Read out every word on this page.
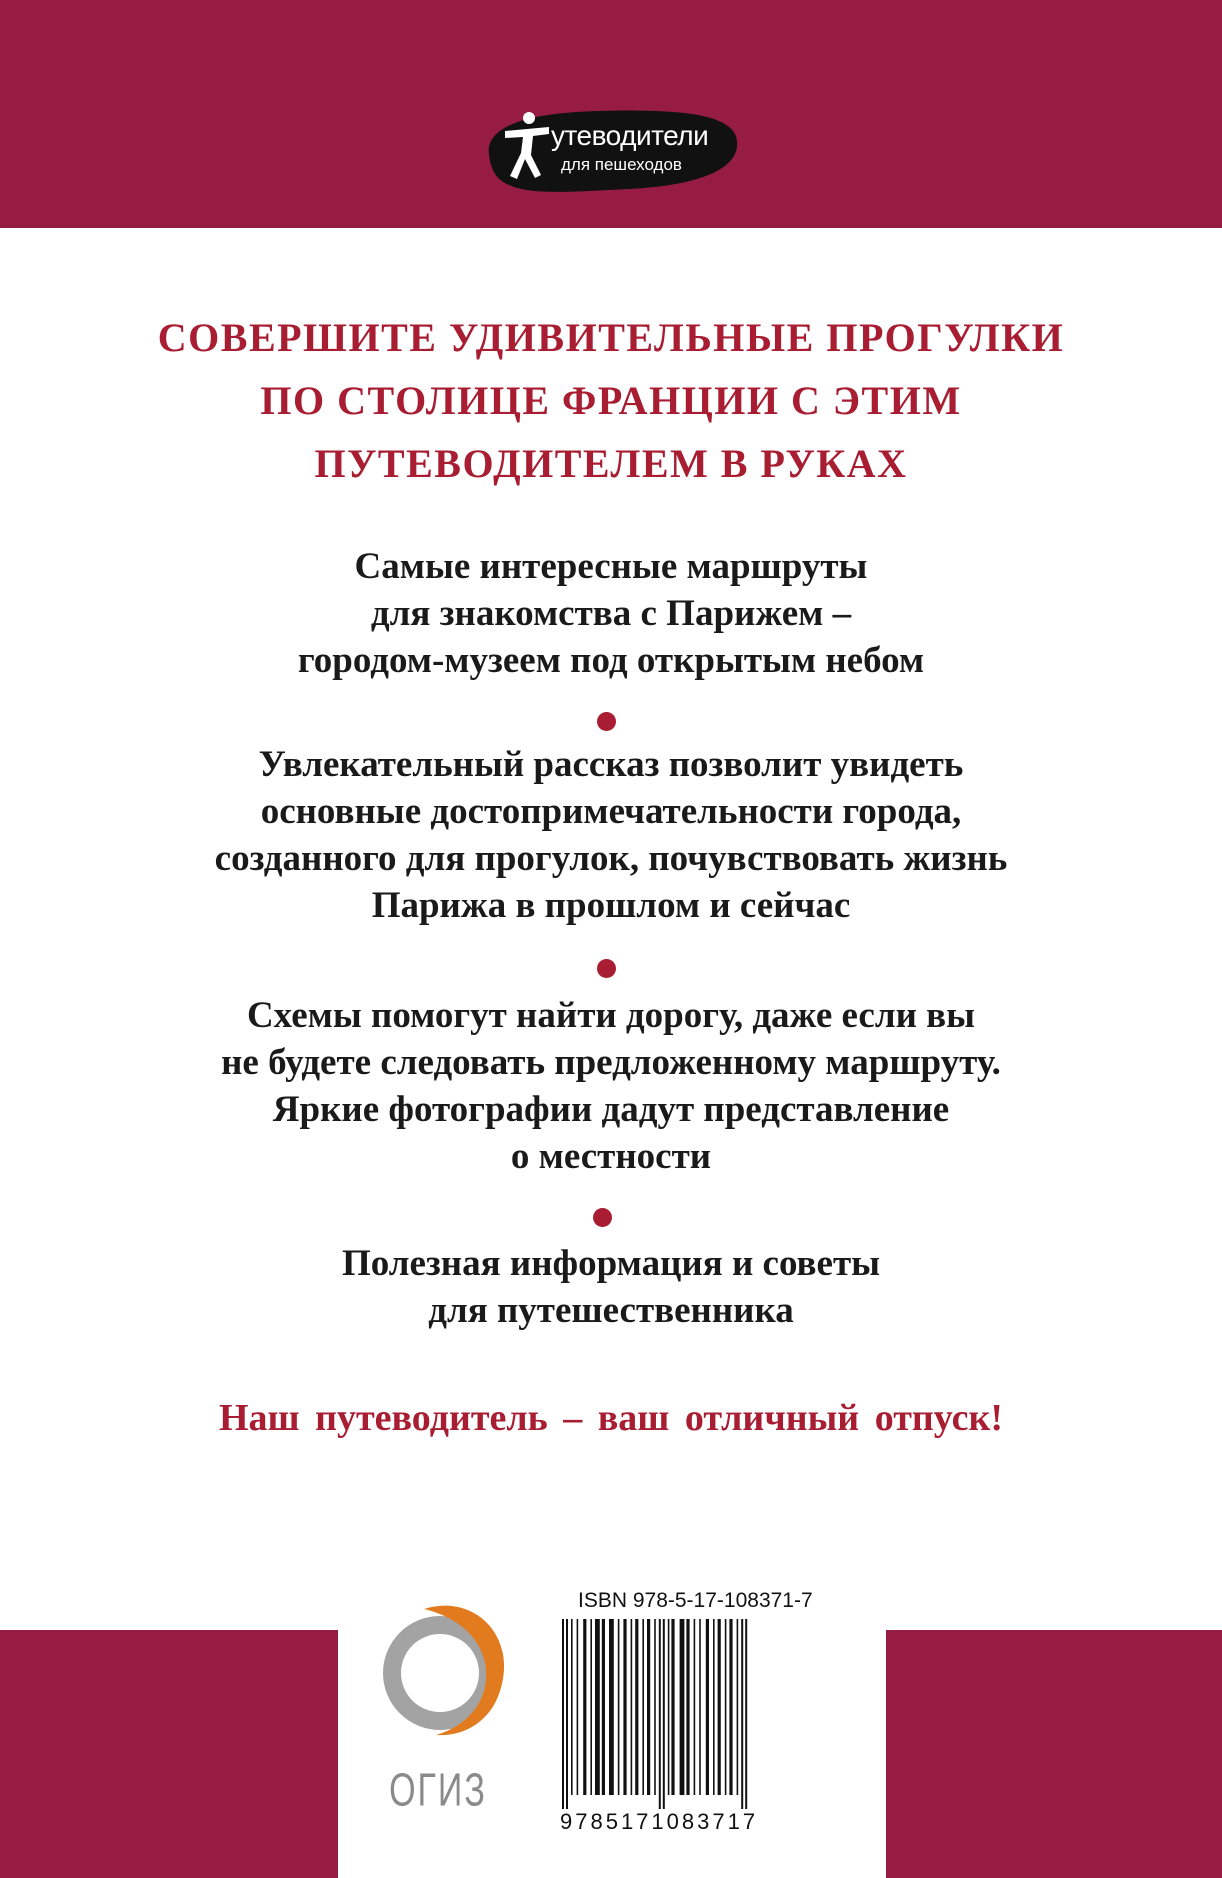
утеводители
для пешеходов
СОВЕРШИТЕ УДИВИТЕЛЬНЫЕ ПРОГУЛКИ
ПО СТОЛИЦЕ ФРАНЦИИ С ЭТИМ
ПУТЕВОДИТЕЛЕМ В РУКАХ
Самые интересные маршруты
для знакомства с Парижем –
городом-музеем под открытым небом
Увлекательный рассказ позволит увидеть
основные достопримечательности города,
созданного для прогулок, почувствовать жизнь
Парижа в прошлом и сейчас
Схемы помогут найти дорогу, даже если вы
не будете следовать предложенному маршруту.
Яркие фотографии дадут представление
о местности
Полезная информация и советы
для путешественника
Наш путеводитель – ваш отличный отпуск!
ОГИЗ
ISBN 978-5-17-108371-7
9785171083717
